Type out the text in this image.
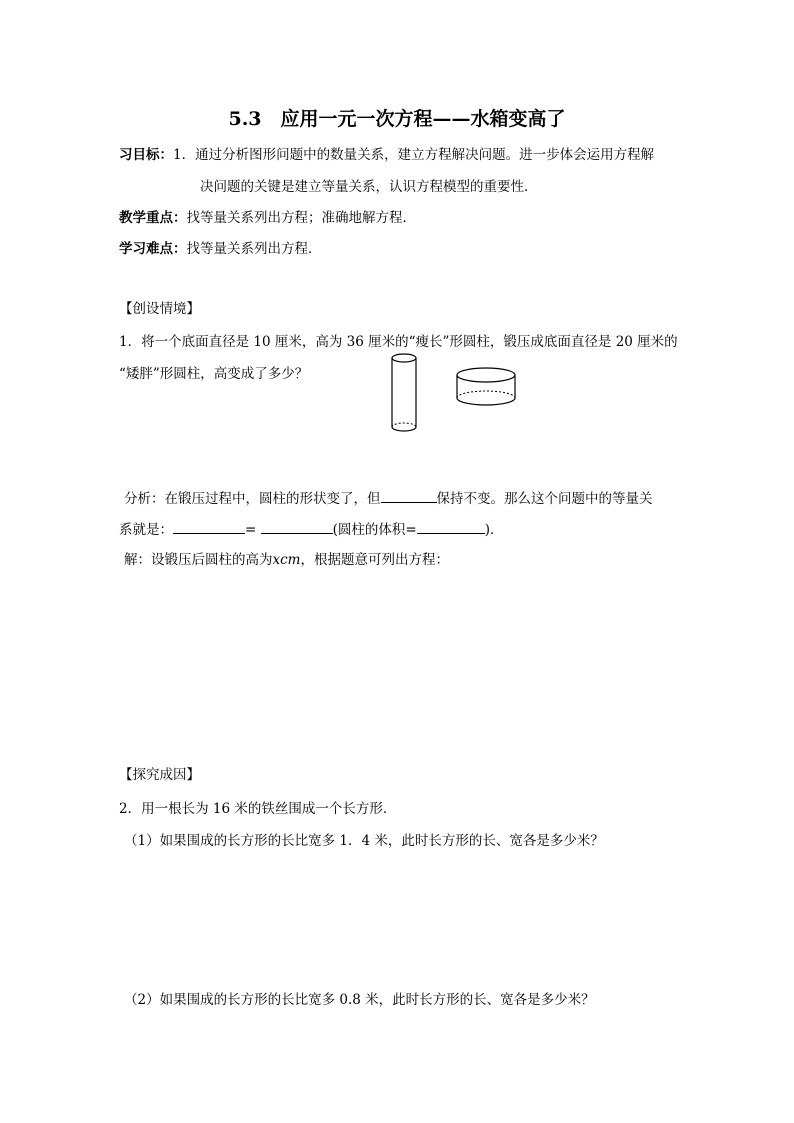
5.3　应用一元一次方程——水箱变高了
习目标：1．通过分析图形问题中的数量关系，建立方程解决问题。进一步体会运用方程解
决问题的关键是建立等量关系，认识方程模型的重要性．
教学重点：找等量关系列出方程；准确地解方程．
学习难点：找等量关系列出方程．
【创设情境】
1．将一个底面直径是 10 厘米，高为 36 厘米的“瘦长”形圆柱，锻压成底面直径是 20 厘米的
“矮胖”形圆柱，高变成了多少？
分析：在锻压过程中，圆柱的形状变了，但	保持不变。那么这个问题中的等量关
系就是：	=	(圆柱的体积=	)．
解：设锻压后圆柱的高为xcm，根据题意可列出方程：
【探究成因】
2．用一根长为 16 米的铁丝围成一个长方形．
（1）如果围成的长方形的长比宽多 1．4 米，此时长方形的长、宽各是多少米？
（2）如果围成的长方形的长比宽多 0.8 米，此时长方形的长、宽各是多少米？
